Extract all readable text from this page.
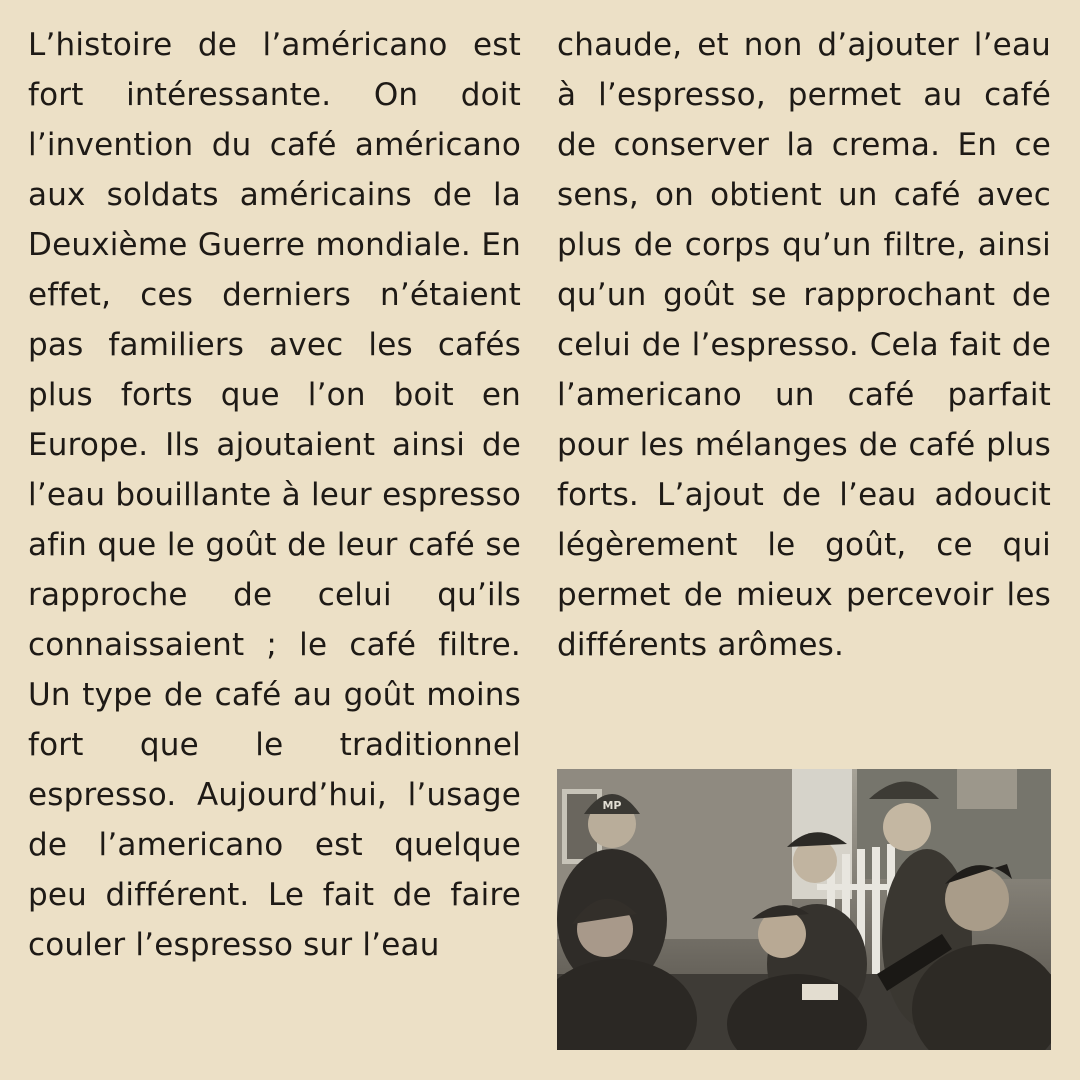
L’histoire de l’américano est fort intéressante. On doit l’invention du café américano aux soldats américains de la Deuxième Guerre mondiale. En effet, ces derniers n’étaient pas familiers avec les cafés plus forts que l’on boit en Europe. Ils ajoutaient ainsi de l’eau bouillante à leur espresso afin que le goût de leur café se rapproche de celui qu’ils connaissaient ; le café filtre. Un type de café au goût moins fort que le traditionnel espresso. Aujourd’hui, l’usage de l’americano est quelque peu différent. Le fait de faire couler l’espresso sur l’eau

chaude, et non d’ajouter l’eau à l’espresso, permet au café de conserver la crema. En ce sens, on obtient un café avec plus de corps qu’un filtre, ainsi qu’un goût se rapprochant de celui de l’espresso. Cela fait de l’americano un café parfait pour les mélanges de café plus forts. L’ajout de l’eau adoucit légèrement le goût, ce qui permet de mieux percevoir les différents arômes.

MP
